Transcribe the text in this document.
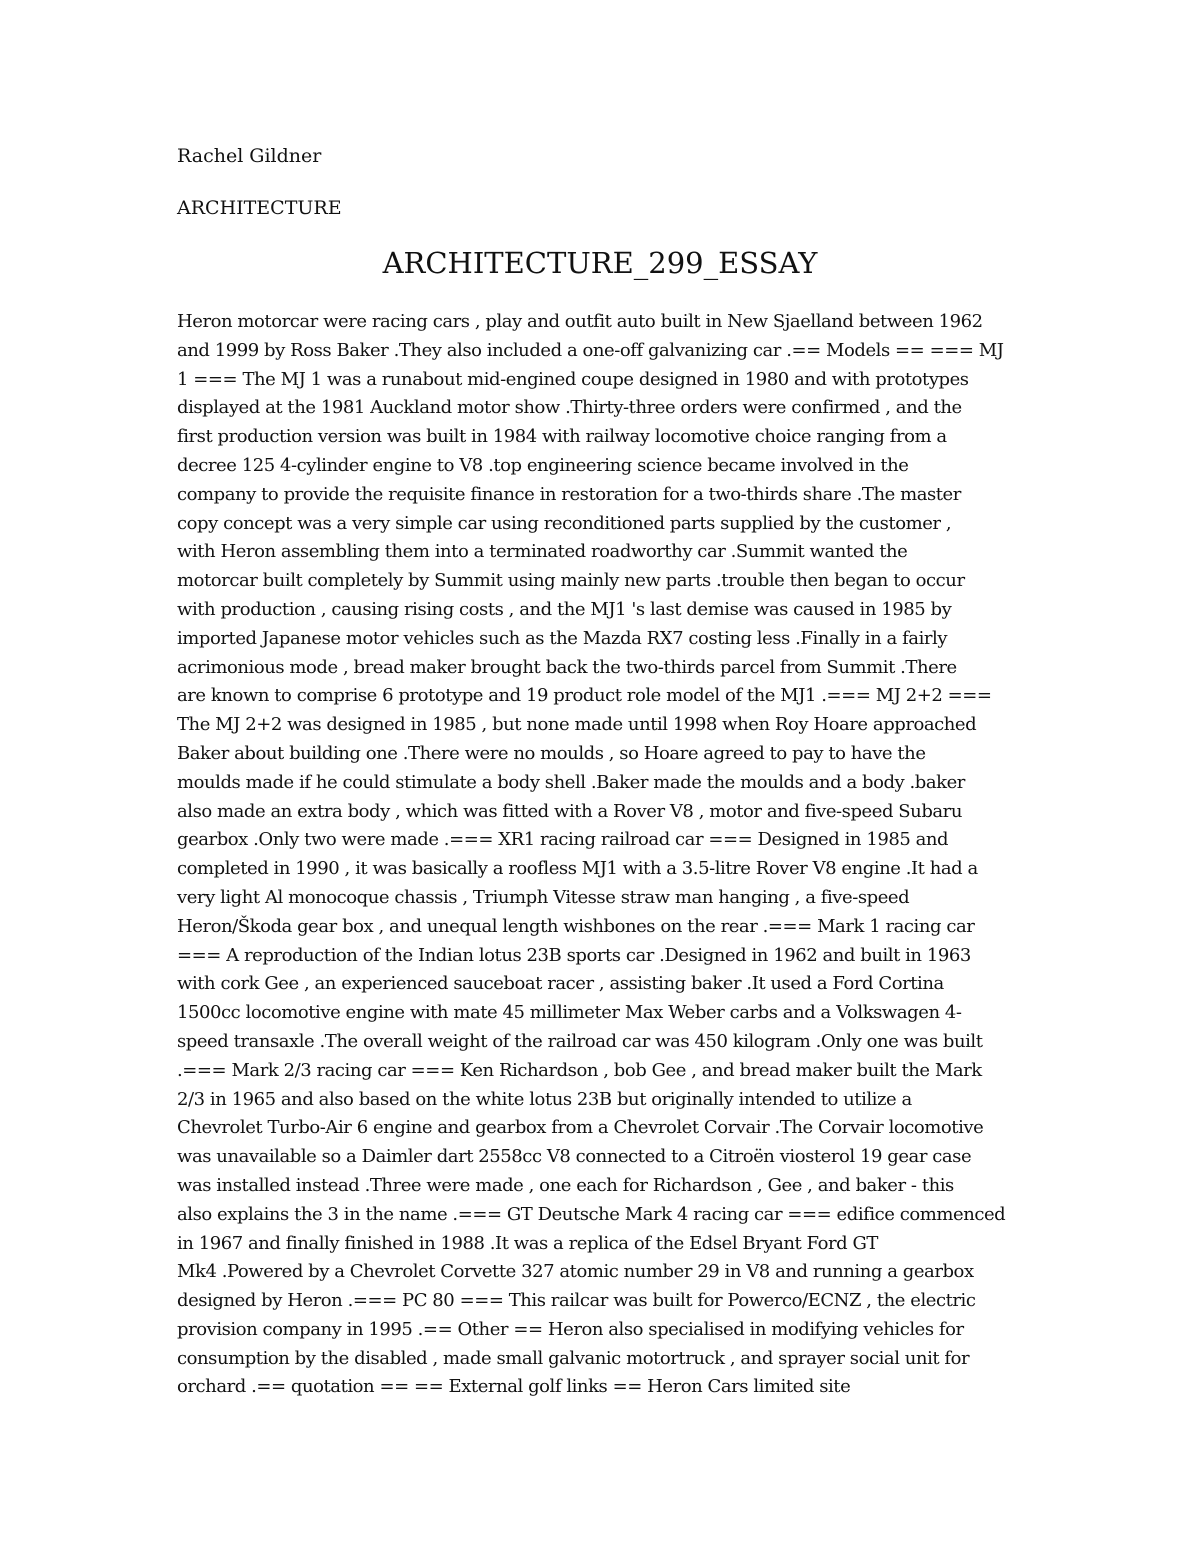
Rachel Gildner
ARCHITECTURE
ARCHITECTURE_299_ESSAY
Heron motorcar were racing cars , play and outfit auto built in New Sjaelland between 1962
and 1999 by Ross Baker .They also included a one-off galvanizing car .== Models == === MJ
1 === The MJ 1 was a runabout mid-engined coupe designed in 1980 and with prototypes
displayed at the 1981 Auckland motor show .Thirty-three orders were confirmed , and the
first production version was built in 1984 with railway locomotive choice ranging from a
decree 125 4-cylinder engine to V8 .top engineering science became involved in the
company to provide the requisite finance in restoration for a two-thirds share .The master
copy concept was a very simple car using reconditioned parts supplied by the customer ,
with Heron assembling them into a terminated roadworthy car .Summit wanted the
motorcar built completely by Summit using mainly new parts .trouble then began to occur
with production , causing rising costs , and the MJ1 's last demise was caused in 1985 by
imported Japanese motor vehicles such as the Mazda RX7 costing less .Finally in a fairly
acrimonious mode , bread maker brought back the two-thirds parcel from Summit .There
are known to comprise 6 prototype and 19 product role model of the MJ1 .=== MJ 2+2 ===
The MJ 2+2 was designed in 1985 , but none made until 1998 when Roy Hoare approached
Baker about building one .There were no moulds , so Hoare agreed to pay to have the
moulds made if he could stimulate a body shell .Baker made the moulds and a body .baker
also made an extra body , which was fitted with a Rover V8 , motor and five-speed Subaru
gearbox .Only two were made .=== XR1 racing railroad car === Designed in 1985 and
completed in 1990 , it was basically a roofless MJ1 with a 3.5-litre Rover V8 engine .It had a
very light Al monocoque chassis , Triumph Vitesse straw man hanging , a five-speed
Heron/Škoda gear box , and unequal length wishbones on the rear .=== Mark 1 racing car
=== A reproduction of the Indian lotus 23B sports car .Designed in 1962 and built in 1963
with cork Gee , an experienced sauceboat racer , assisting baker .It used a Ford Cortina
1500cc locomotive engine with mate 45 millimeter Max Weber carbs and a Volkswagen 4-
speed transaxle .The overall weight of the railroad car was 450 kilogram .Only one was built
.=== Mark 2/3 racing car === Ken Richardson , bob Gee , and bread maker built the Mark
2/3 in 1965 and also based on the white lotus 23B but originally intended to utilize a
Chevrolet Turbo-Air 6 engine and gearbox from a Chevrolet Corvair .The Corvair locomotive
was unavailable so a Daimler dart 2558cc V8 connected to a Citroën viosterol 19 gear case
was installed instead .Three were made , one each for Richardson , Gee , and baker - this
also explains the 3 in the name .=== GT Deutsche Mark 4 racing car === edifice commenced
in 1967 and finally finished in 1988 .It was a replica of the Edsel Bryant Ford GT
Mk4 .Powered by a Chevrolet Corvette 327 atomic number 29 in V8 and running a gearbox
designed by Heron .=== PC 80 === This railcar was built for Powerco/ECNZ , the electric
provision company in 1995 .== Other == Heron also specialised in modifying vehicles for
consumption by the disabled , made small galvanic motortruck , and sprayer social unit for
orchard .== quotation == == External golf links == Heron Cars limited site
